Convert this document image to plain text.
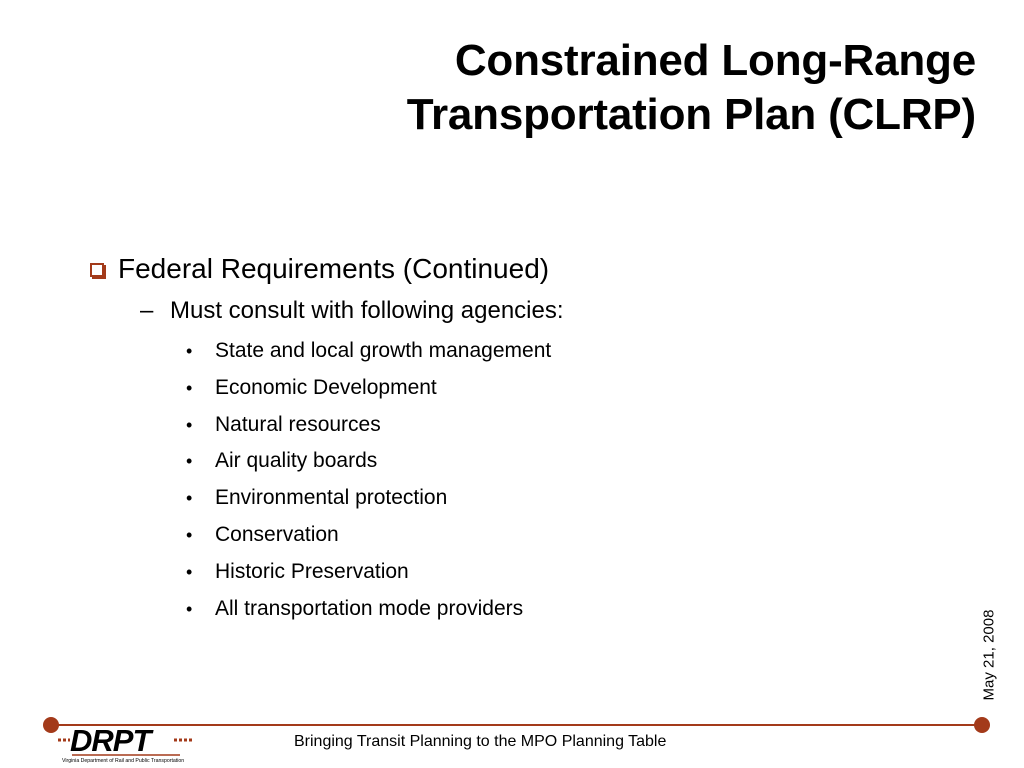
Constrained Long-Range
Transportation Plan (CLRP)
Federal Requirements (Continued)
– Must consult with following agencies:
•	State and local growth management
•	Economic Development
•	Natural resources
•	Air quality boards
•	Environmental protection
•	Conservation
•	Historic Preservation
•	All transportation mode providers
May 21, 2008
DRPT
Virginia Department of Rail and Public Transportation
Bringing Transit Planning to the MPO Planning Table
